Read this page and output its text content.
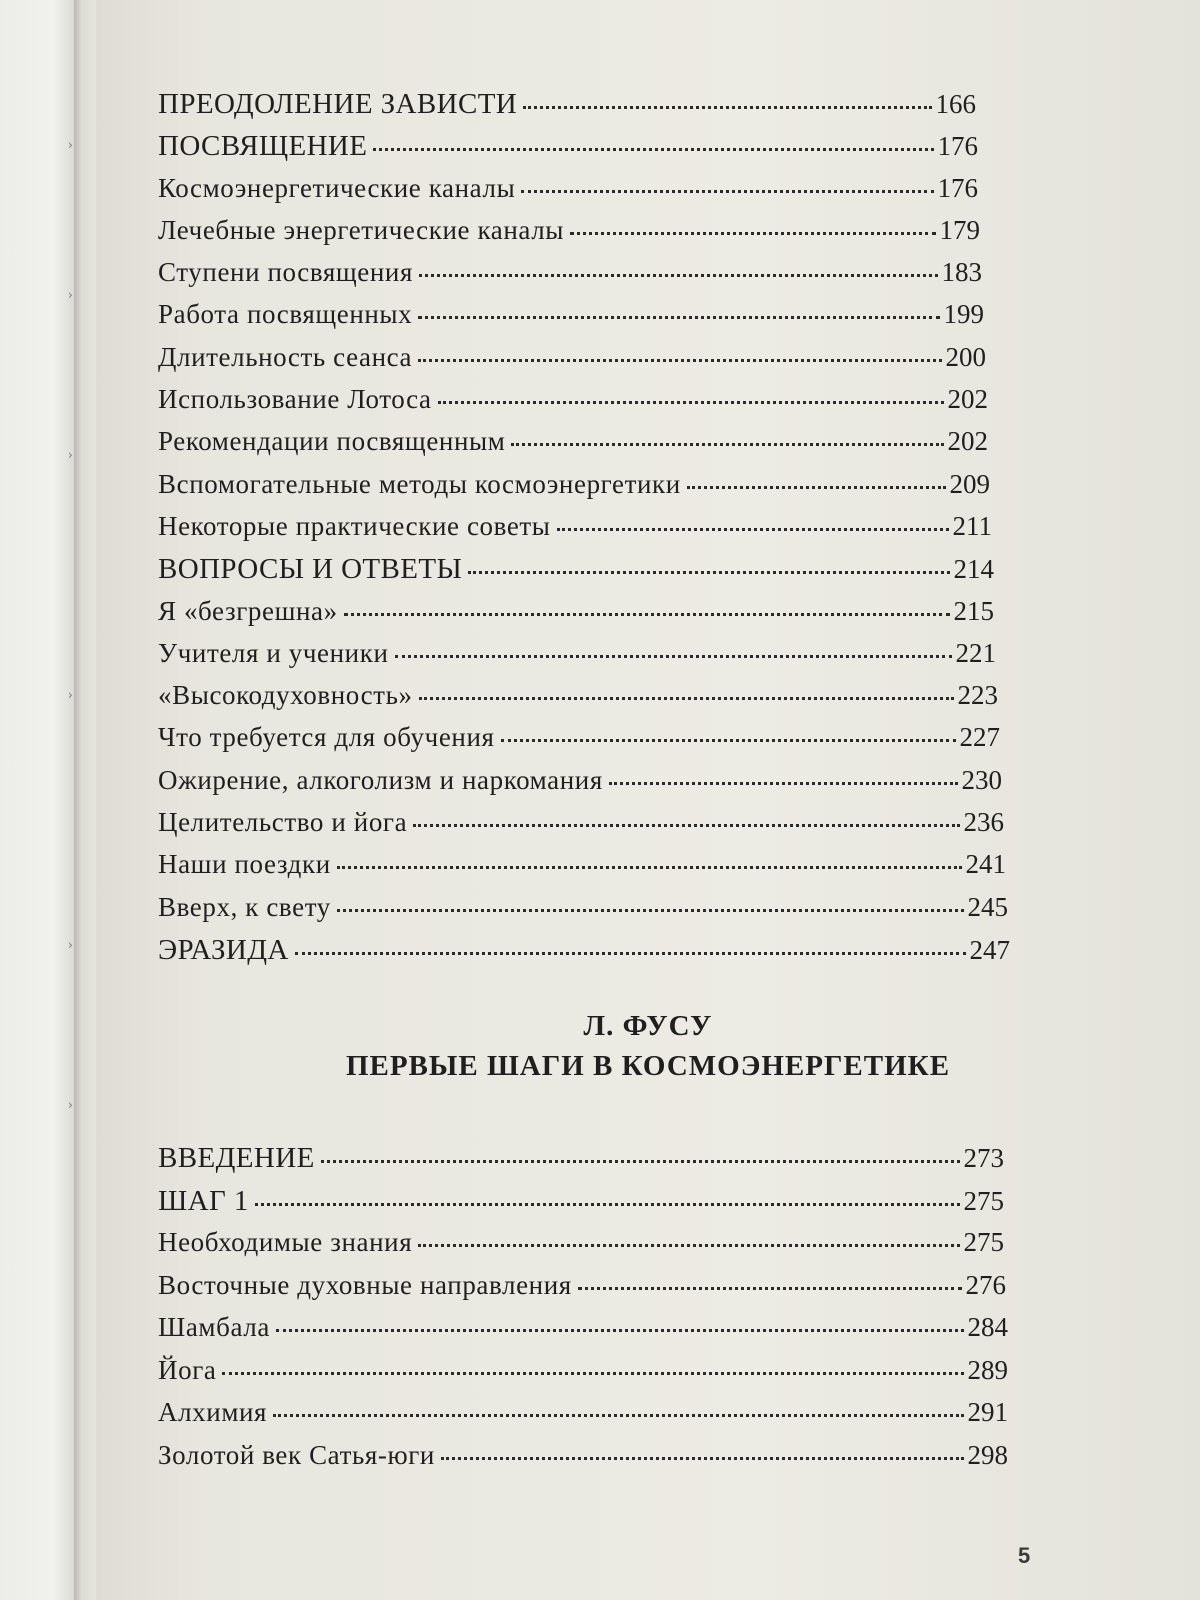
ПРЕОДОЛЕНИЕ ЗАВИСТИ	166
ПОСВЯЩЕНИЕ	176
Космоэнергетические каналы	176
Лечебные энергетические каналы	179
Ступени посвящения	183
Работа посвященных	199
Длительность сеанса	200
Использование Лотоса	202
Рекомендации посвященным	202
Вспомогательные методы космоэнергетики	209
Некоторые практические советы	211
ВОПРОСЫ И ОТВЕТЫ	214
Я «безгрешна»	215
Учителя и ученики	221
«Высокодуховность»	223
Что требуется для обучения	227
Ожирение, алкоголизм и наркомания	230
Целительство и йога	236
Наши поездки	241
Вверх, к свету	245
ЭРАЗИДА	247
Л. ФУСУ
ПЕРВЫЕ ШАГИ В КОСМОЭНЕРГЕТИКЕ
ВВЕДЕНИЕ	273
ШАГ 1	275
Необходимые знания	275
Восточные духовные направления	276
Шамбала	284
Йога	289
Алхимия	291
Золотой век Сатья-юги	298
5
›
›
›
›
›
›
